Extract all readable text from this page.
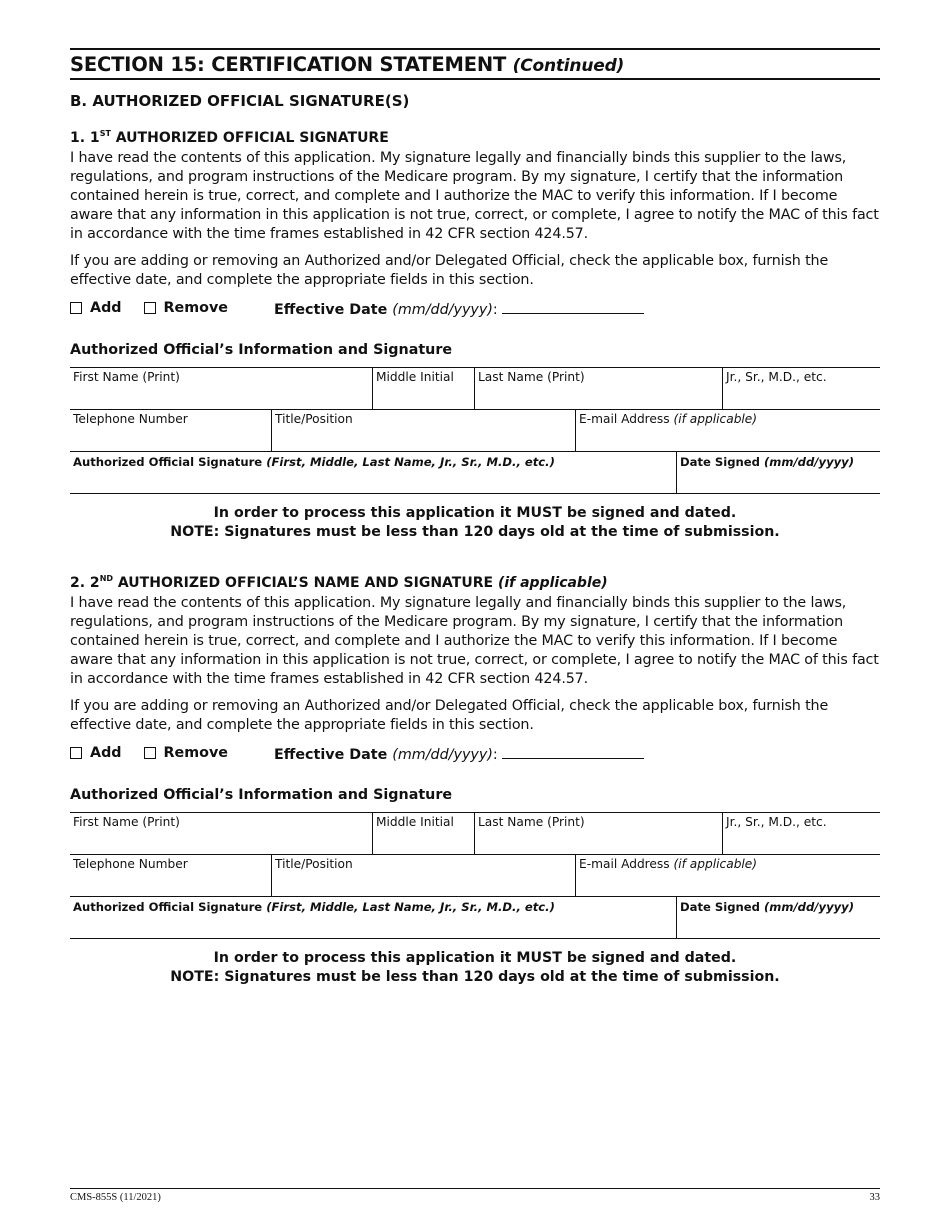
SECTION 15: CERTIFICATION STATEMENT (Continued)
B. AUTHORIZED OFFICIAL SIGNATURE(S)
1. 1ST AUTHORIZED OFFICIAL SIGNATURE

I have read the contents of this application. My signature legally and financially binds this supplier to the laws, regulations, and program instructions of the Medicare program. By my signature, I certify that the information contained herein is true, correct, and complete and I authorize the MAC to verify this information. If I become aware that any information in this application is not true, correct, or complete, I agree to notify the MAC of this fact in accordance with the time frames established in 42 CFR section 424.57.

If you are adding or removing an Authorized and/or Delegated Official, check the applicable box, furnish the effective date, and complete the appropriate fields in this section.

Add	Remove	Effective Date (mm/dd/yyyy):
Authorized Official’s Information and Signature
First Name (Print)	Middle Initial	Last Name (Print)	Jr., Sr., M.D., etc.
Telephone Number	Title/Position	E-mail Address (if applicable)
Authorized Official Signature (First, Middle, Last Name, Jr., Sr., M.D., etc.)	Date Signed (mm/dd/yyyy)
In order to process this application it MUST be signed and dated.
NOTE: Signatures must be less than 120 days old at the time of submission.
2. 2ND AUTHORIZED OFFICIAL’S NAME AND SIGNATURE (if applicable)

I have read the contents of this application. My signature legally and financially binds this supplier to the laws, regulations, and program instructions of the Medicare program. By my signature, I certify that the information contained herein is true, correct, and complete and I authorize the MAC to verify this information. If I become aware that any information in this application is not true, correct, or complete, I agree to notify the MAC of this fact in accordance with the time frames established in 42 CFR section 424.57.

If you are adding or removing an Authorized and/or Delegated Official, check the applicable box, furnish the effective date, and complete the appropriate fields in this section.

Add	Remove	Effective Date (mm/dd/yyyy):
Authorized Official’s Information and Signature
First Name (Print)	Middle Initial	Last Name (Print)	Jr., Sr., M.D., etc.
Telephone Number	Title/Position	E-mail Address (if applicable)
Authorized Official Signature (First, Middle, Last Name, Jr., Sr., M.D., etc.)	Date Signed (mm/dd/yyyy)
In order to process this application it MUST be signed and dated.
NOTE: Signatures must be less than 120 days old at the time of submission.
CMS-855S (11/2021)	33
